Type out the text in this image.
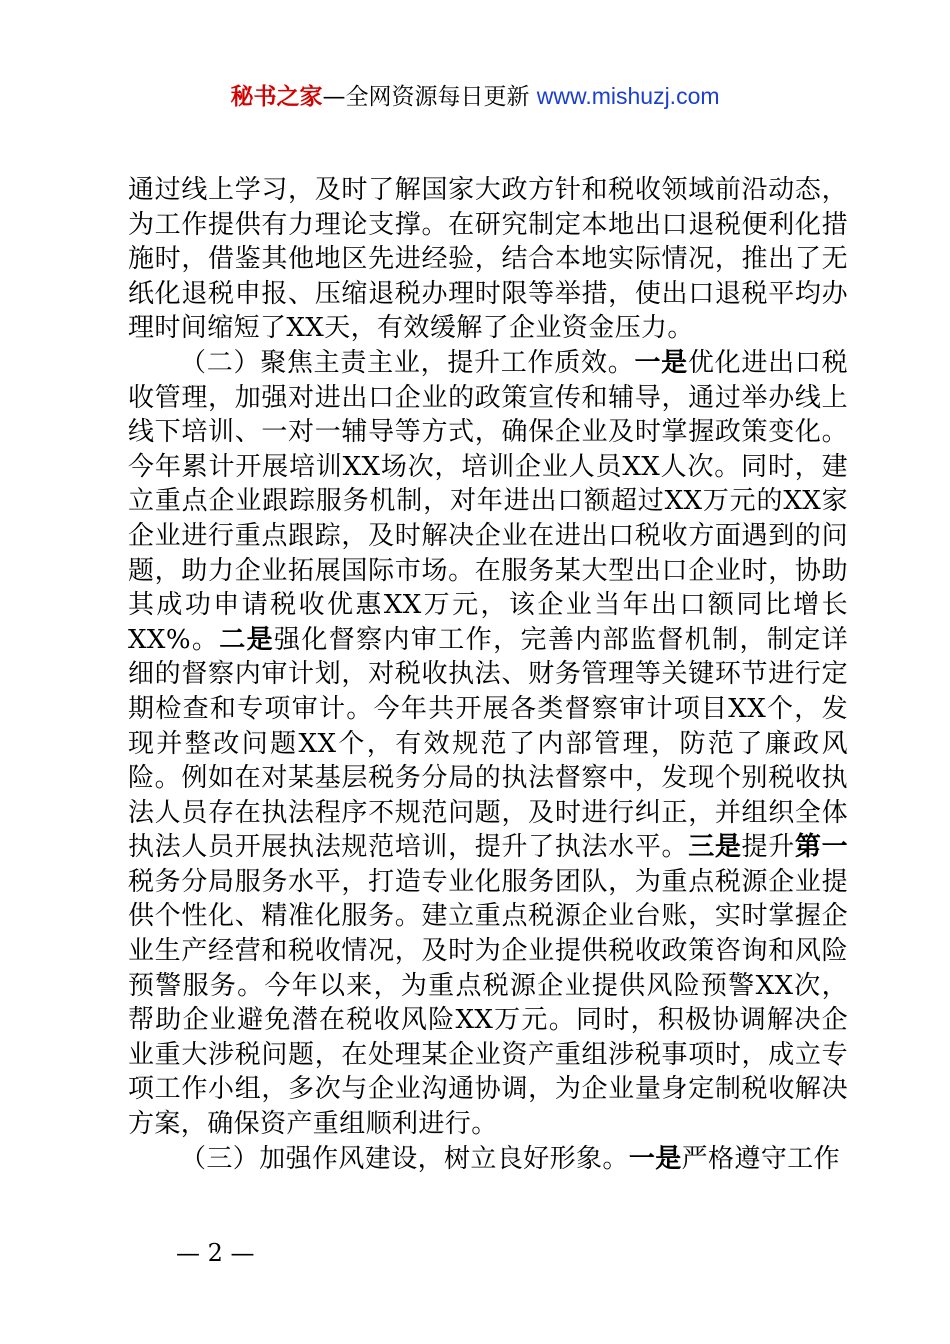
秘书之家—全网资源每日更新 www.mishuzj.com

通过线上学习，及时了解国家大政方针和税收领域前沿动态，为工作提供有力理论支撑。在研究制定本地出口退税便利化措施时，借鉴其他地区先进经验，结合本地实际情况，推出了无纸化退税申报、压缩退税办理时限等举措，使出口退税平均办理时间缩短了XX天，有效缓解了企业资金压力。

（二）聚焦主责主业，提升工作质效。一是优化进出口税收管理，加强对进出口企业的政策宣传和辅导，通过举办线上线下培训、一对一辅导等方式，确保企业及时掌握政策变化。今年累计开展培训XX场次，培训企业人员XX人次。同时，建立重点企业跟踪服务机制，对年进出口额超过XX万元的XX家企业进行重点跟踪，及时解决企业在进出口税收方面遇到的问题，助力企业拓展国际市场。在服务某大型出口企业时，协助其成功申请税收优惠XX万元，该企业当年出口额同比增长XX%。二是强化督察内审工作，完善内部监督机制，制定详细的督察内审计划，对税收执法、财务管理等关键环节进行定期检查和专项审计。今年共开展各类督察审计项目XX个，发现并整改问题XX个，有效规范了内部管理，防范了廉政风险。例如在对某基层税务分局的执法督察中，发现个别税收执法人员存在执法程序不规范问题，及时进行纠正，并组织全体执法人员开展执法规范培训，提升了执法水平。三是提升第一税务分局服务水平，打造专业化服务团队，为重点税源企业提供个性化、精准化服务。建立重点税源企业台账，实时掌握企业生产经营和税收情况，及时为企业提供税收政策咨询和风险预警服务。今年以来，为重点税源企业提供风险预警XX次，帮助企业避免潜在税收风险XX万元。同时，积极协调解决企业重大涉税问题，在处理某企业资产重组涉税事项时，成立专项工作小组，多次与企业沟通协调，为企业量身定制税收解决方案，确保资产重组顺利进行。

（三）加强作风建设，树立良好形象。一是严格遵守工作

— 2 —
